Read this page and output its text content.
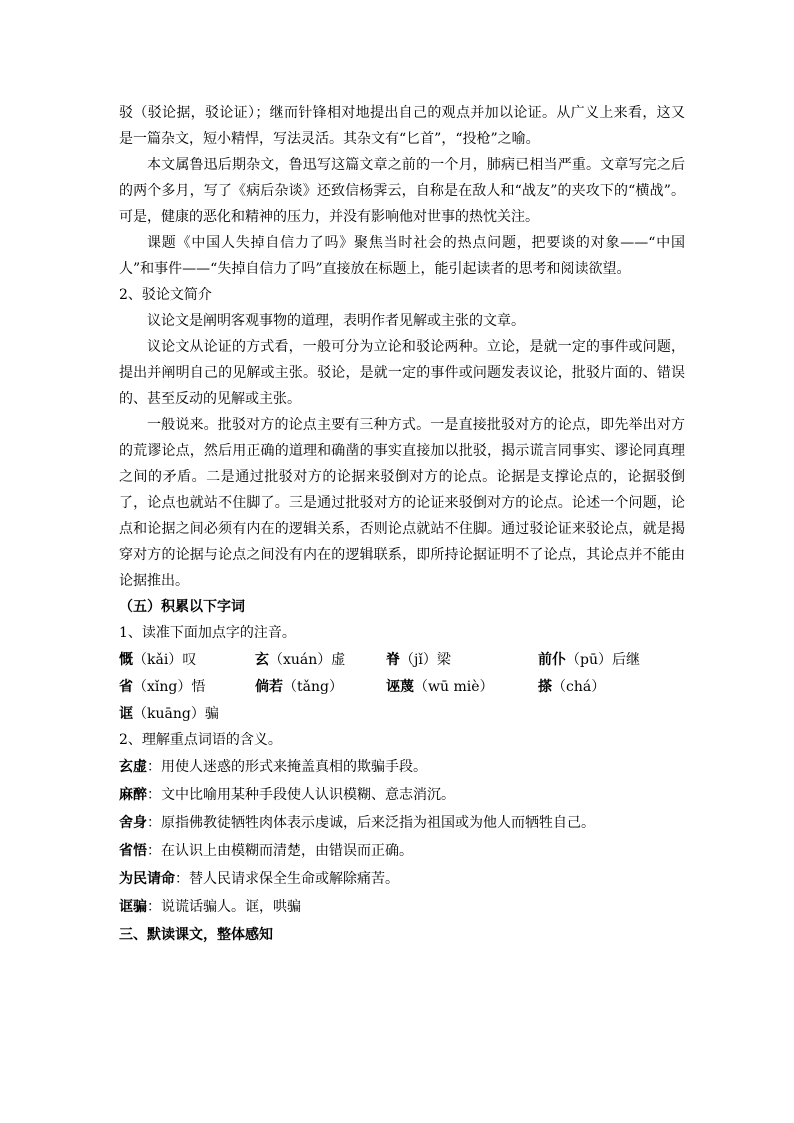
驳（驳论据，驳论证）；继而针锋相对地提出自己的观点并加以论证。从广义上来看，这又是一篇杂文，短小精悍，写法灵活。其杂文有“匕首”，“投枪”之喻。

本文属鲁迅后期杂文，鲁迅写这篇文章之前的一个月，肺病已相当严重。文章写完之后的两个多月，写了《病后杂谈》还致信杨霁云，自称是在敌人和“战友”的夹攻下的“横战”。可是，健康的恶化和精神的压力，并没有影响他对世事的热忱关注。

课题《中国人失掉自信力了吗》聚焦当时社会的热点问题，把要谈的对象——“中国人”和事件——“失掉自信力了吗”直接放在标题上，能引起读者的思考和阅读欲望。

2、驳论文简介

议论文是阐明客观事物的道理，表明作者见解或主张的文章。

议论文从论证的方式看，一般可分为立论和驳论两种。立论，是就一定的事件或问题，提出并阐明自己的见解或主张。驳论，是就一定的事件或问题发表议论，批驳片面的、错误的、甚至反动的见解或主张。

一般说来。批驳对方的论点主要有三种方式。一是直接批驳对方的论点，即先举出对方的荒谬论点，然后用正确的道理和确凿的事实直接加以批驳，揭示谎言同事实、谬论同真理之间的矛盾。二是通过批驳对方的论据来驳倒对方的论点。论据是支撑论点的，论据驳倒了，论点也就站不住脚了。三是通过批驳对方的论证来驳倒对方的论点。论述一个问题，论点和论据之间必须有内在的逻辑关系，否则论点就站不住脚。通过驳论证来驳论点，就是揭穿对方的论据与论点之间没有内在的逻辑联系，即所持论据证明不了论点，其论点并不能由论据推出。

（五）积累以下字词

1、读准下面加点字的注音。

慨（kǎi）叹	玄（xuán）虚	脊（jǐ）梁	前仆（pū）后继
省（xǐng）悟	倘若（tǎng）	诬蔑（wū miè）	搽（chá）
诓（kuāng）骗

2、理解重点词语的含义。

玄虚：用使人迷惑的形式来掩盖真相的欺骗手段。

麻醉：文中比喻用某种手段使人认识模糊、意志消沉。

舍身：原指佛教徒牺牲肉体表示虔诚，后来泛指为祖国或为他人而牺牲自己。

省悟：在认识上由模糊而清楚，由错误而正确。

为民请命：替人民请求保全生命或解除痛苦。

诓骗：说谎话骗人。诓，哄骗

三、默读课文，整体感知
